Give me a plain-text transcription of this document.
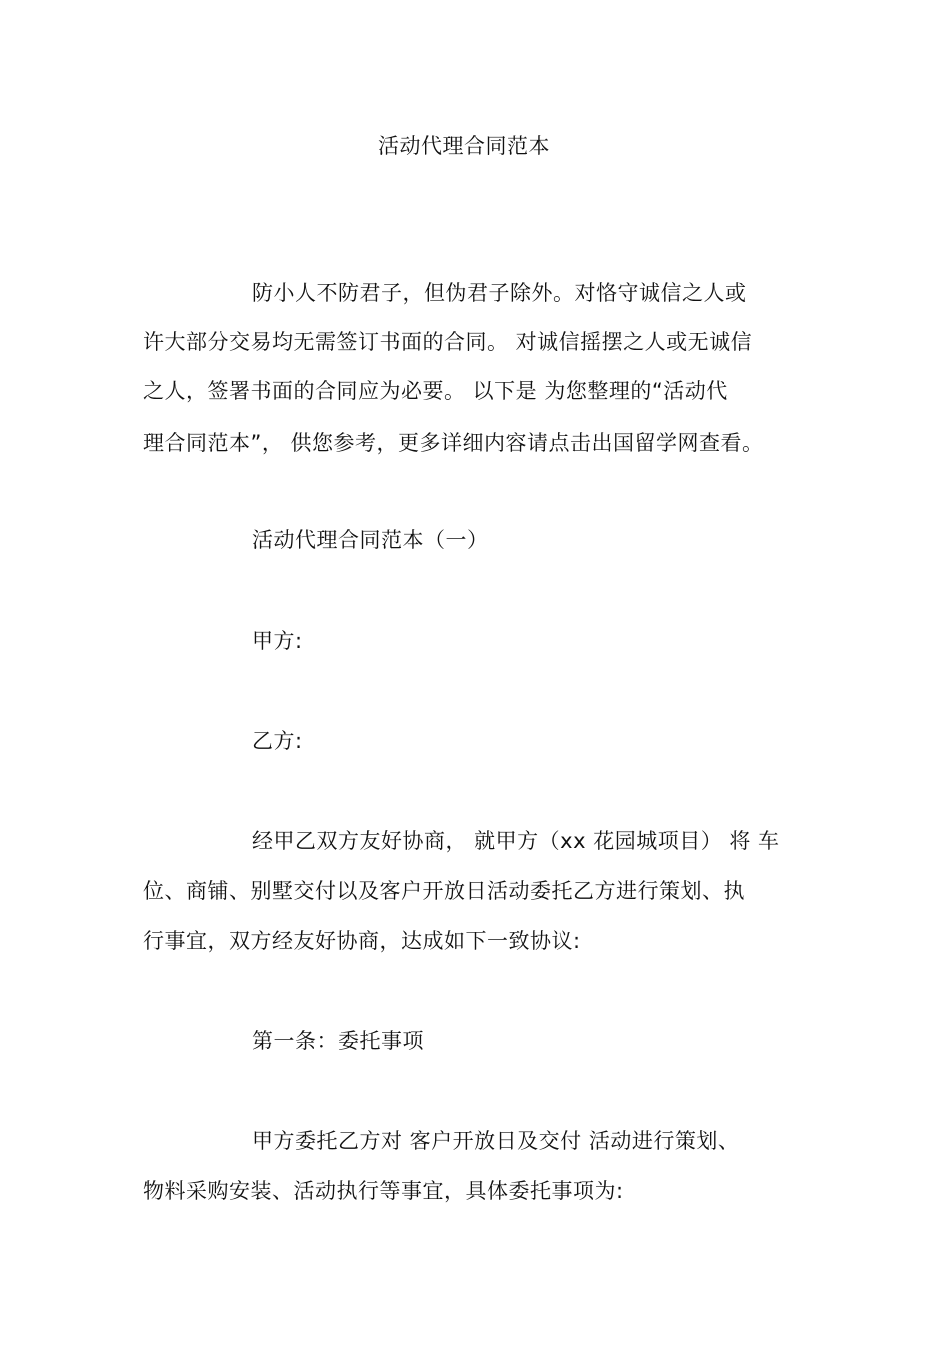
活动代理合同范本
防小人不防君子，但伪君子除外。对恪守诚信之人或
许大部分交易均无需签订书面的合同。 对诚信摇摆之人或无诚信
之人，签署书面的合同应为必要。 以下是 为您整理的“活动代
理合同范本”， 供您参考，更多详细内容请点击出国留学网查看。
活动代理合同范本（一）
甲方:
乙方:
经甲乙双方友好协商， 就甲方（xx 花园城项目） 将 车
位、商铺、别墅交付以及客户开放日活动委托乙方进行策划、执
行事宜，双方经友好协商，达成如下一致协议:
第一条：委托事项
甲方委托乙方对 客户开放日及交付 活动进行策划、
物料采购安装、活动执行等事宜，具体委托事项为:
